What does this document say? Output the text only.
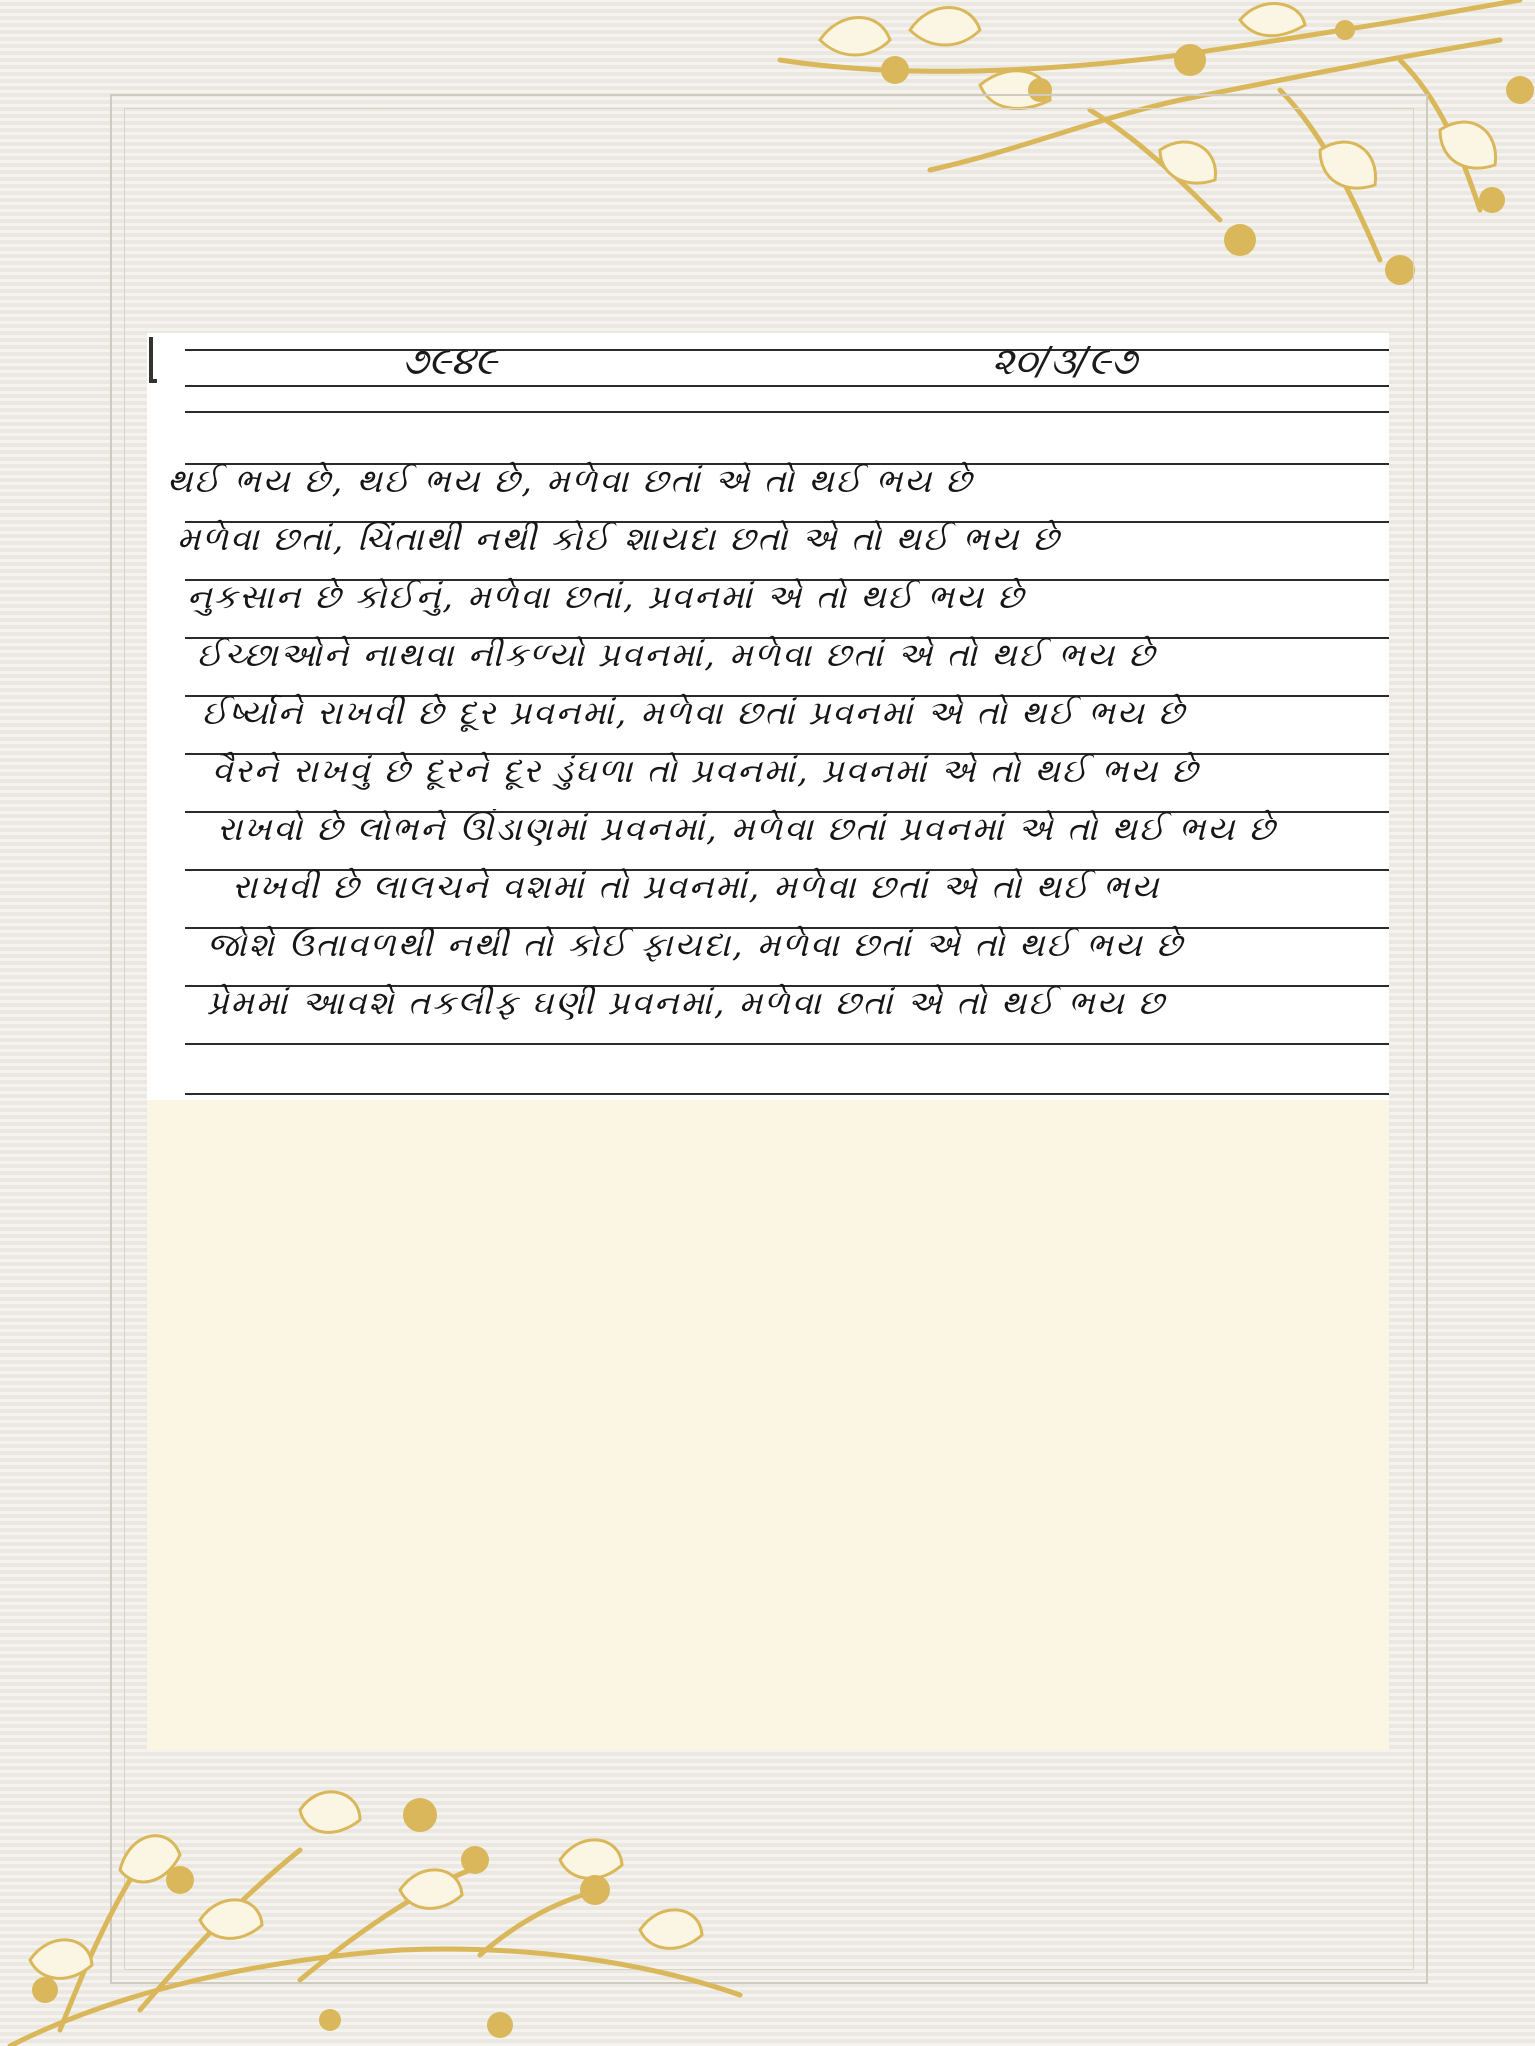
૭૯૪૯	૨૦/૩/૯૭
થઈ ભય છે, થઈ ભય છે, મળેવા છતાં એ તો થઈ ભય છે
મળેવા છતાં, ચિંતાથી નથી કોઈ શાયદા છતો એ તો થઈ ભય છે
નુકસાન છે કોઈનું, મળેવા છતાં, પ્રવનમાં એ તો થઈ ભય છે
ઈચ્છાઓને નાથવા નીકળ્યો પ્રવનમાં, મળેવા છતાં એ તો થઈ ભય છે
ઈર્ષ્યાને રાખવી છે દૂર પ્રવનમાં, મળેવા છતાં પ્રવનમાં એ તો થઈ ભય છે
વૈરને રાખવું છે દૂરને દૂર ડુંઘળા તો પ્રવનમાં, પ્રવનમાં એ તો થઈ ભય છે
રાખવો છે લોભને ઊંડાણમાં પ્રવનમાં, મળેવા છતાં પ્રવનમાં એ તો થઈ ભય છે
રાખવી છે લાલચને વશમાં તો પ્રવનમાં, મળેવા છતાં એ તો થઈ ભય
જોશે ઉતાવળથી નથી તો કોઈ ફાયદા, મળેવા છતાં એ તો થઈ ભય છે
પ્રેમમાં આવશે તકલીફ ઘણી પ્રવનમાં, મળેવા છતાં એ તો થઈ ભય છ
